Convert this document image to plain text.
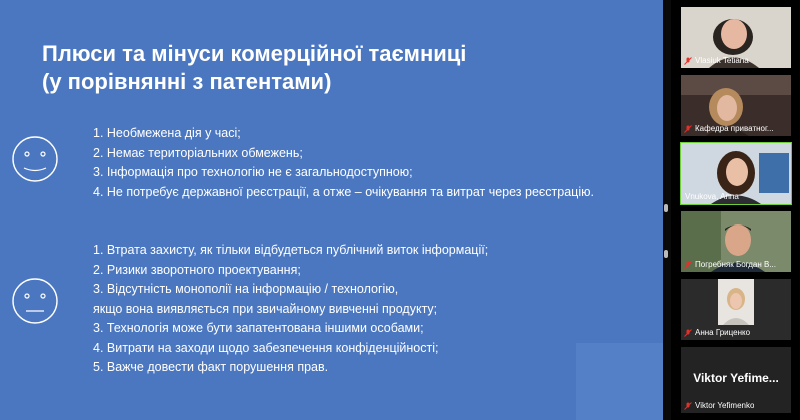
Плюси та мінуси комерційної таємниці
(у порівнянні з патентами)
1. Необмежена дія у часі;
2. Немає територіальних обмежень;
3. Інформація про технологію не є загальнодоступною;
4. Не потребує державної реєстрації, а отже – очікування та витрат через реєстрацію.
1. Втрата захисту, як тільки відбудеться публічний виток інформації;
2. Ризики зворотного проектування;
3. Відсутність монополії на інформацію / технологію,
якщо вона виявляється при звичайному вивченні продукту;
3. Технологія може бути запатентована іншими особами;
4. Витрати на заходи щодо забезпечення конфіденційності;
5. Важче довести факт порушення прав.
Vlasiuk Tetiana
Кафедра приватног...
Vnukova, Anna
Погребняк Богдан В...
Анна Гриценко
Viktor Yefime...
Viktor Yefimenko
